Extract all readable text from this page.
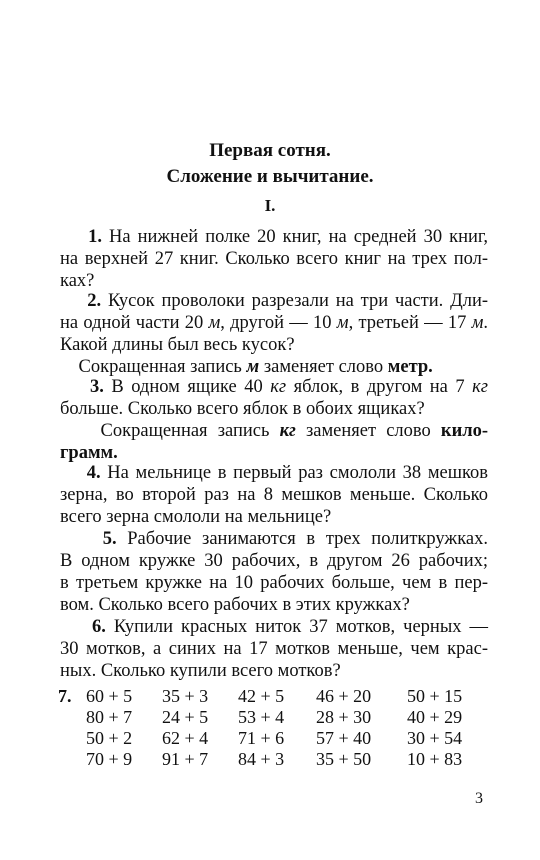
Первая сотня.
Сложение и вычитание.
I.
1. На нижней полке 20 книг, на средней 30 книг,
на верхней 27 книг. Сколько всего книг на трех пол-
ках?
2. Кусок проволоки разрезали на три части. Дли-
на одной части 20 м, другой — 10 м, третьей — 17 м.
Какой длины был весь кусок?
Сокращенная запись м заменяет слово метр.
3. В одном ящике 40 кг яблок, в другом на 7 кг
больше. Сколько всего яблок в обоих ящиках?
Сокращенная запись кг заменяет слово кило-
грамм.
4. На мельнице в первый раз смололи 38 мешков
зерна, во второй раз на 8 мешков меньше. Сколько
всего зерна смололи на мельнице?
5. Рабочие занимаются в трех политкружках.
В одном кружке 30 рабочих, в другом 26 рабочих;
в третьем кружке на 10 рабочих больше, чем в пер-
вом. Сколько всего рабочих в этих кружках?
6. Купили красных ниток 37 мотков, черных —
30 мотков, а синих на 17 мотков меньше, чем крас-
ных. Сколько купили всего мотков?
7. 60 + 5 35 + 3 42 + 5 46 + 20 50 + 15
80 + 7 24 + 5 53 + 4 28 + 30 40 + 29
50 + 2 62 + 4 71 + 6 57 + 40 30 + 54
70 + 9 91 + 7 84 + 3 35 + 50 10 + 83
3
